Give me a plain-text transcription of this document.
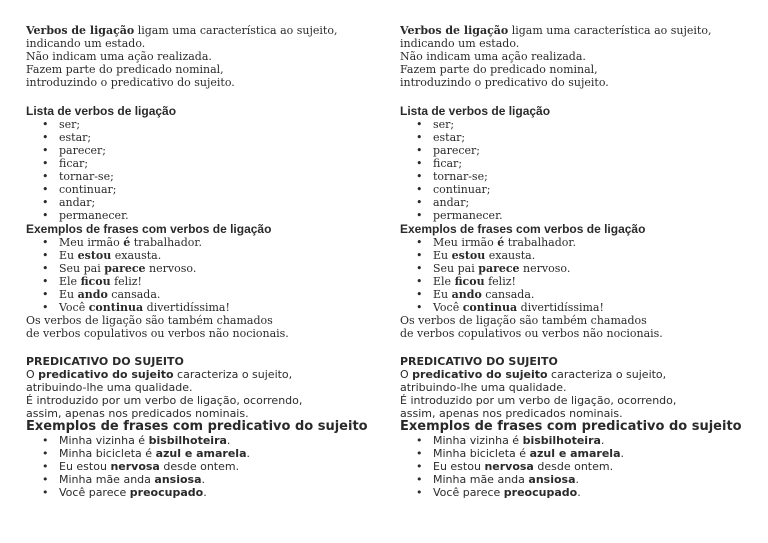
Verbos de ligação ligam uma característica ao sujeito,

indicando um estado.

Não indicam uma ação realizada.

Fazem parte do predicado nominal,

introduzindo o predicativo do sujeito.

Lista de verbos de ligação

• ser;
• estar;
• parecer;
• ficar;
• tornar-se;
• continuar;
• andar;
• permanecer.

Exemplos de frases com verbos de ligação

• Meu irmão é trabalhador.
• Eu estou exausta.
• Seu pai parece nervoso.
• Ele ficou feliz!
• Eu ando cansada.
• Você continua divertidíssima!

Os verbos de ligação são também chamados

de verbos copulativos ou verbos não nocionais.

PREDICATIVO DO SUJEITO

O predicativo do sujeito caracteriza o sujeito,

atribuindo-lhe uma qualidade.

É introduzido por um verbo de ligação, ocorrendo,

assim, apenas nos predicados nominais.

Exemplos de frases com predicativo do sujeito

• Minha vizinha é bisbilhoteira.
• Minha bicicleta é azul e amarela.
• Eu estou nervosa desde ontem.
• Minha mãe anda ansiosa.
• Você parece preocupado.

Verbos de ligação ligam uma característica ao sujeito,

indicando um estado.

Não indicam uma ação realizada.

Fazem parte do predicado nominal,

introduzindo o predicativo do sujeito.

Lista de verbos de ligação

• ser;
• estar;
• parecer;
• ficar;
• tornar-se;
• continuar;
• andar;
• permanecer.

Exemplos de frases com verbos de ligação

• Meu irmão é trabalhador.
• Eu estou exausta.
• Seu pai parece nervoso.
• Ele ficou feliz!
• Eu ando cansada.
• Você continua divertidíssima!

Os verbos de ligação são também chamados

de verbos copulativos ou verbos não nocionais.

PREDICATIVO DO SUJEITO

O predicativo do sujeito caracteriza o sujeito,

atribuindo-lhe uma qualidade.

É introduzido por um verbo de ligação, ocorrendo,

assim, apenas nos predicados nominais.

Exemplos de frases com predicativo do sujeito

• Minha vizinha é bisbilhoteira.
• Minha bicicleta é azul e amarela.
• Eu estou nervosa desde ontem.
• Minha mãe anda ansiosa.
• Você parece preocupado.
